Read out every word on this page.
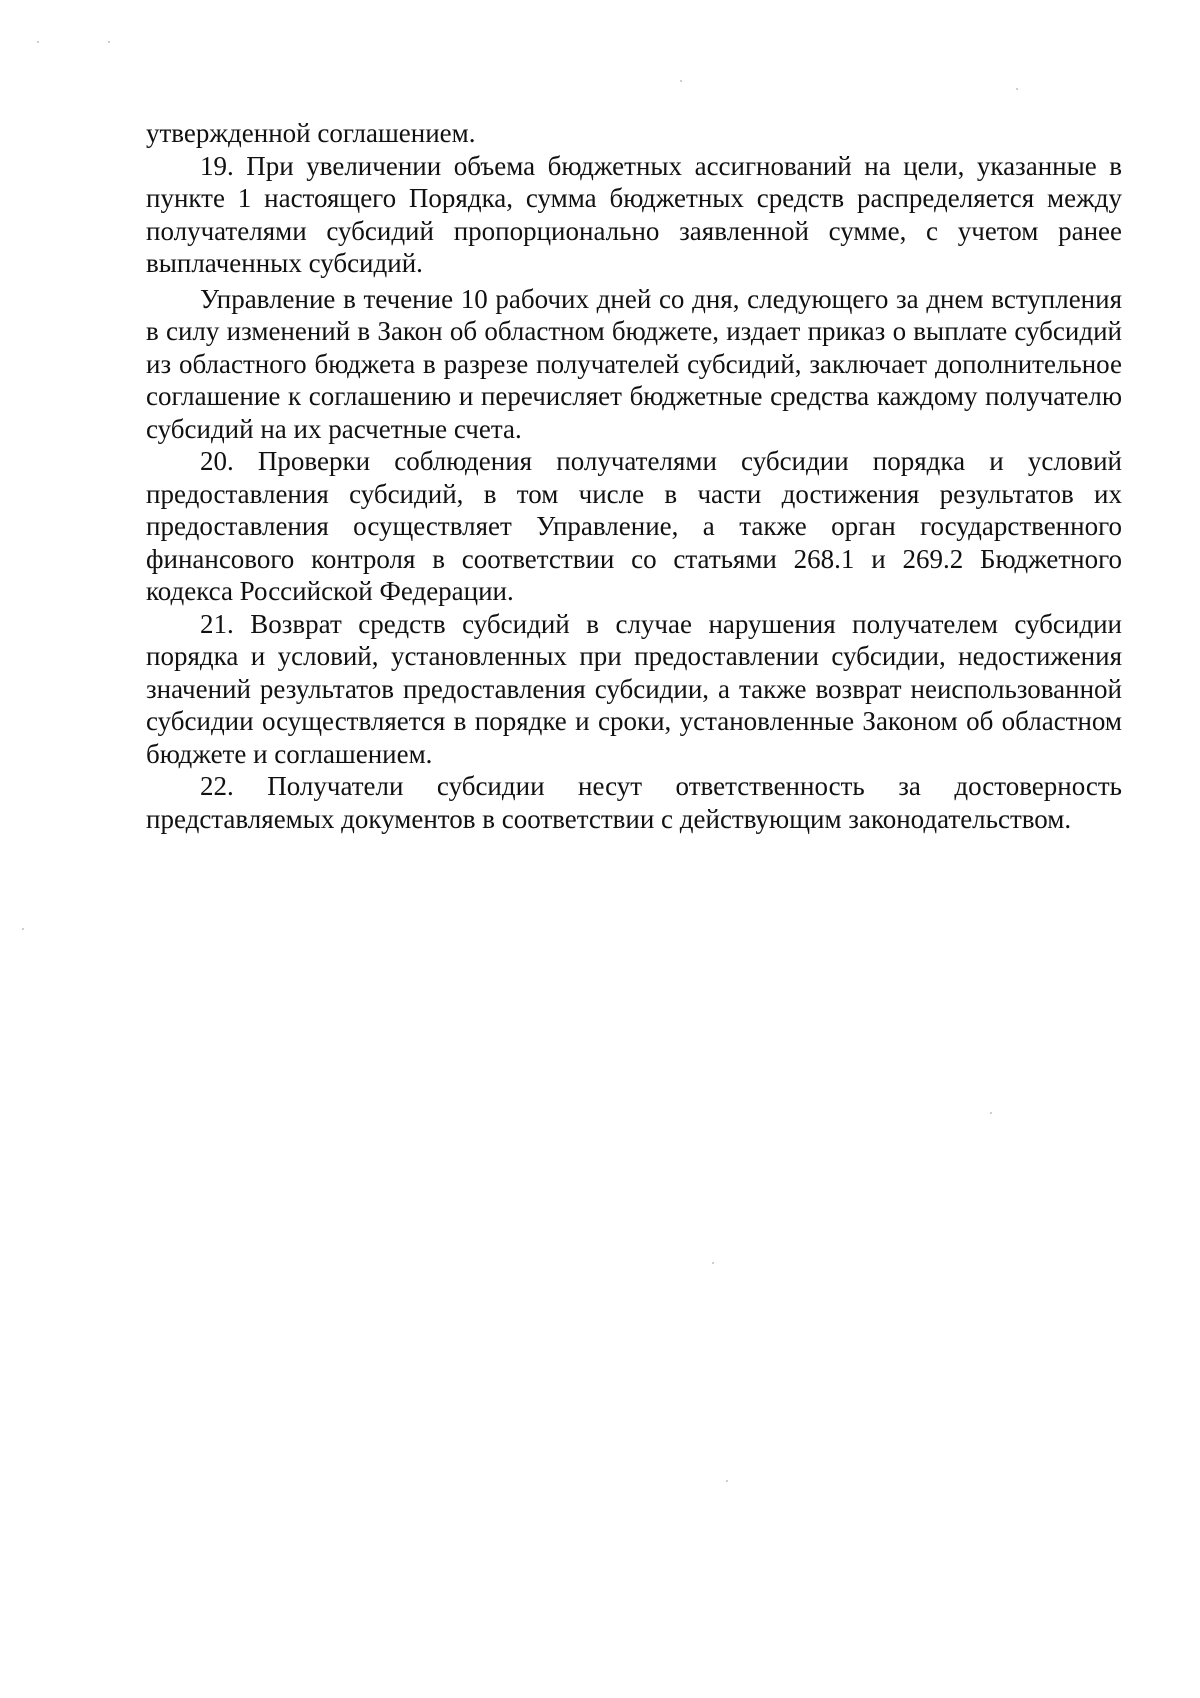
утвержденной соглашением.

19. При увеличении объема бюджетных ассигнований на цели, указанные в пункте 1 настоящего Порядка, сумма бюджетных средств распределяется между получателями субсидий пропорционально заявленной сумме, с учетом ранее выплаченных субсидий.

Управление в течение 10 рабочих дней со дня, следующего за днем вступления в силу изменений в Закон об областном бюджете, издает приказ о выплате субсидий из областного бюджета в разрезе получателей субсидий, заключает дополнительное соглашение к соглашению и перечисляет бюджетные средства каждому получателю субсидий на их расчетные счета.

20. Проверки соблюдения получателями субсидии порядка и условий предоставления субсидий, в том числе в части достижения результатов их предоставления осуществляет Управление, а также орган государственного финансового контроля в соответствии со статьями 268.1 и 269.2 Бюджетного кодекса Российской Федерации.

21. Возврат средств субсидий в случае нарушения получателем субсидии порядка и условий, установленных при предоставлении субсидии, недостижения значений результатов предоставления субсидии, а также возврат неиспользованной субсидии осуществляется в порядке и сроки, установленные Законом об областном бюджете и соглашением.

22. Получатели субсидии несут ответственность за достоверность представляемых документов в соответствии с действующим законодательством.
